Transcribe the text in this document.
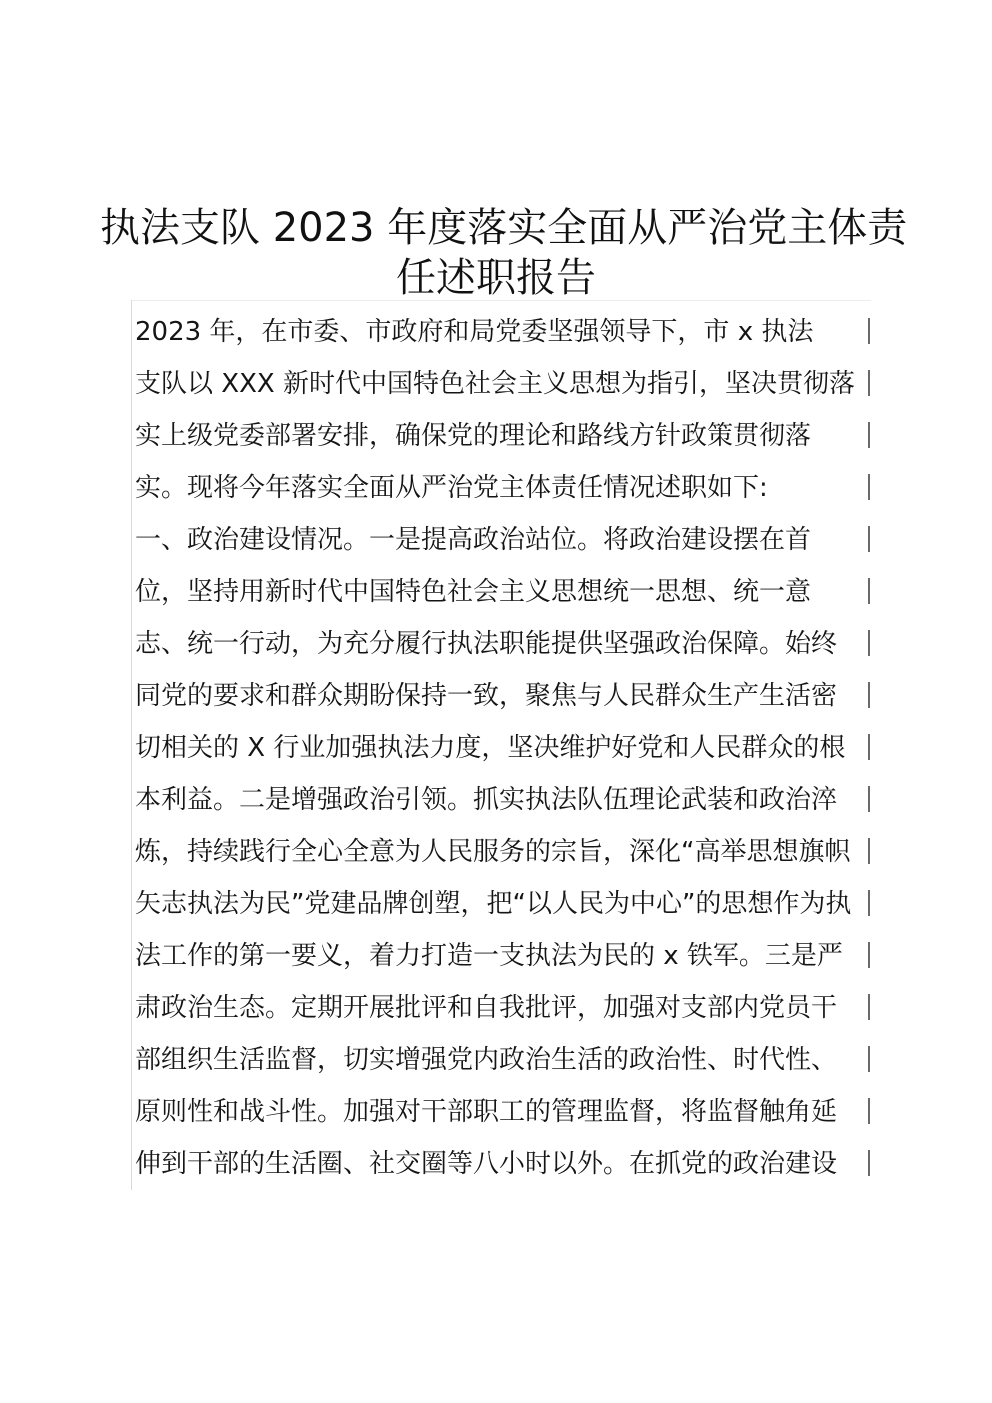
执法支队 2023 年度落实全面从严治党主体责
任述职报告
2023 年，在市委、市政府和局党委坚强领导下，市 x 执法
支队以 XXX 新时代中国特色社会主义思想为指引，坚决贯彻落
实上级党委部署安排，确保党的理论和路线方针政策贯彻落
实。现将今年落实全面从严治党主体责任情况述职如下:
一、政治建设情况。一是提高政治站位。将政治建设摆在首
位，坚持用新时代中国特色社会主义思想统一思想、统一意
志、统一行动，为充分履行执法职能提供坚强政治保障。始终
同党的要求和群众期盼保持一致，聚焦与人民群众生产生活密
切相关的 X 行业加强执法力度，坚决维护好党和人民群众的根
本利益。二是增强政治引领。抓实执法队伍理论武装和政治淬
炼，持续践行全心全意为人民服务的宗旨，深化“高举思想旗帜
矢志执法为民”党建品牌创塑，把“以人民为中心”的思想作为执
法工作的第一要义，着力打造一支执法为民的 x 铁军。三是严
肃政治生态。定期开展批评和自我批评，加强对支部内党员干
部组织生活监督，切实增强党内政治生活的政治性、时代性、
原则性和战斗性。加强对干部职工的管理监督，将监督触角延
伸到干部的生活圈、社交圈等八小时以外。在抓党的政治建设
